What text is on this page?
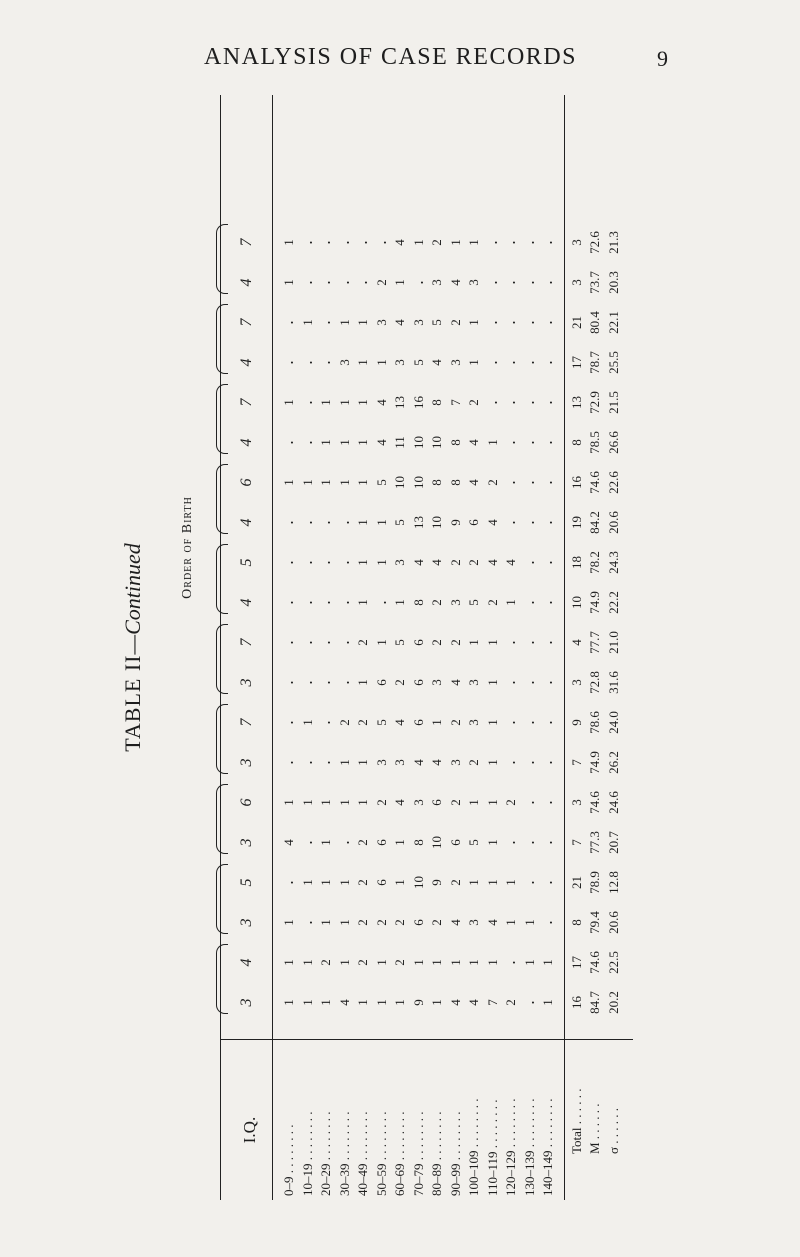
ANALYSIS OF CASE RECORDS	9
TABLE II—Continued	Order of Birth
I.Q.
3
4
3
5
3
6
3
7
3
7
4
5
4
6
4
7
4
7
4
7
0–9 . . . . . . . .
1
1
1
.
4
1
.
.
.
.
.
.
.
1
.
1
.
.
1
1
10–19 . . . . . . . .
1
1
.
1
.
1
.
1
.
.
.
.
.
1
.
.
.
1
.
.
20–29 . . . . . . . .
1
2
1
1
1
1
.
.
.
.
.
.
.
1
1
1
.
.
.
.
30–39 . . . . . . . .
4
1
1
1
.
1
1
2
.
.
.
.
.
1
1
1
3
1
.
.
40–49 . . . . . . . .
1
2
2
2
2
1
1
2
1
2
1
1
1
1
1
1
1
1
.
.
50–59 . . . . . . . .
1
1
2
6
6
2
3
5
6
1
.
1
1
5
4
4
1
3
2
.
60–69 . . . . . . . .
1
2
2
1
1
4
3
4
2
5
1
3
5
10
11
13
3
4
1
4
70–79 . . . . . . . .
9
1
6
10
8
3
4
6
6
6
8
4
13
10
10
16
5
3
.
1
80–89 . . . . . . . .
1
1
2
9
10
6
4
1
3
2
2
4
10
8
10
8
4
5
3
2
90–99 . . . . . . . .
4
1
4
2
6
2
3
2
4
2
3
2
9
8
8
7
3
2
4
1
100–109 . . . . . . . .
4
1
3
1
5
1
2
3
3
1
5
2
6
4
4
2
1
1
3
1
110–119 . . . . . . . .
7
1
4
1
1
1
1
1
1
1
2
4
4
2
1
.
.
.
.
.
120–129 . . . . . . . .
2
.
1
1
.
2
.
.
.
.
1
4
.
.
.
.
.
.
.
.
130–139 . . . . . . . .
.
1
1
.
.
.
.
.
.
.
.
.
.
.
.
.
.
.
.
.
140–149 . . . . . . . .
1
1
.
.
.
.
.
.
.
.
.
.
.
.
.
.
.
.
.
.
Total . . . . . .
16
17
8
21
7
3
7
9
3
4
10
18
19
16
8
13
17
21
3
3
M . . . . . .
84.7
74.6
79.4
78.9
77.3
74.6
74.9
78.6
72.8
77.7
74.9
78.2
84.2
74.6
78.5
72.9
78.7
80.4
73.7
72.6
σ . . . . . .
20.2
22.5
20.6
12.8
20.7
24.6
26.2
24.0
31.6
21.0
22.2
24.3
20.6
22.6
26.6
21.5
25.5
22.1
20.3
21.3
